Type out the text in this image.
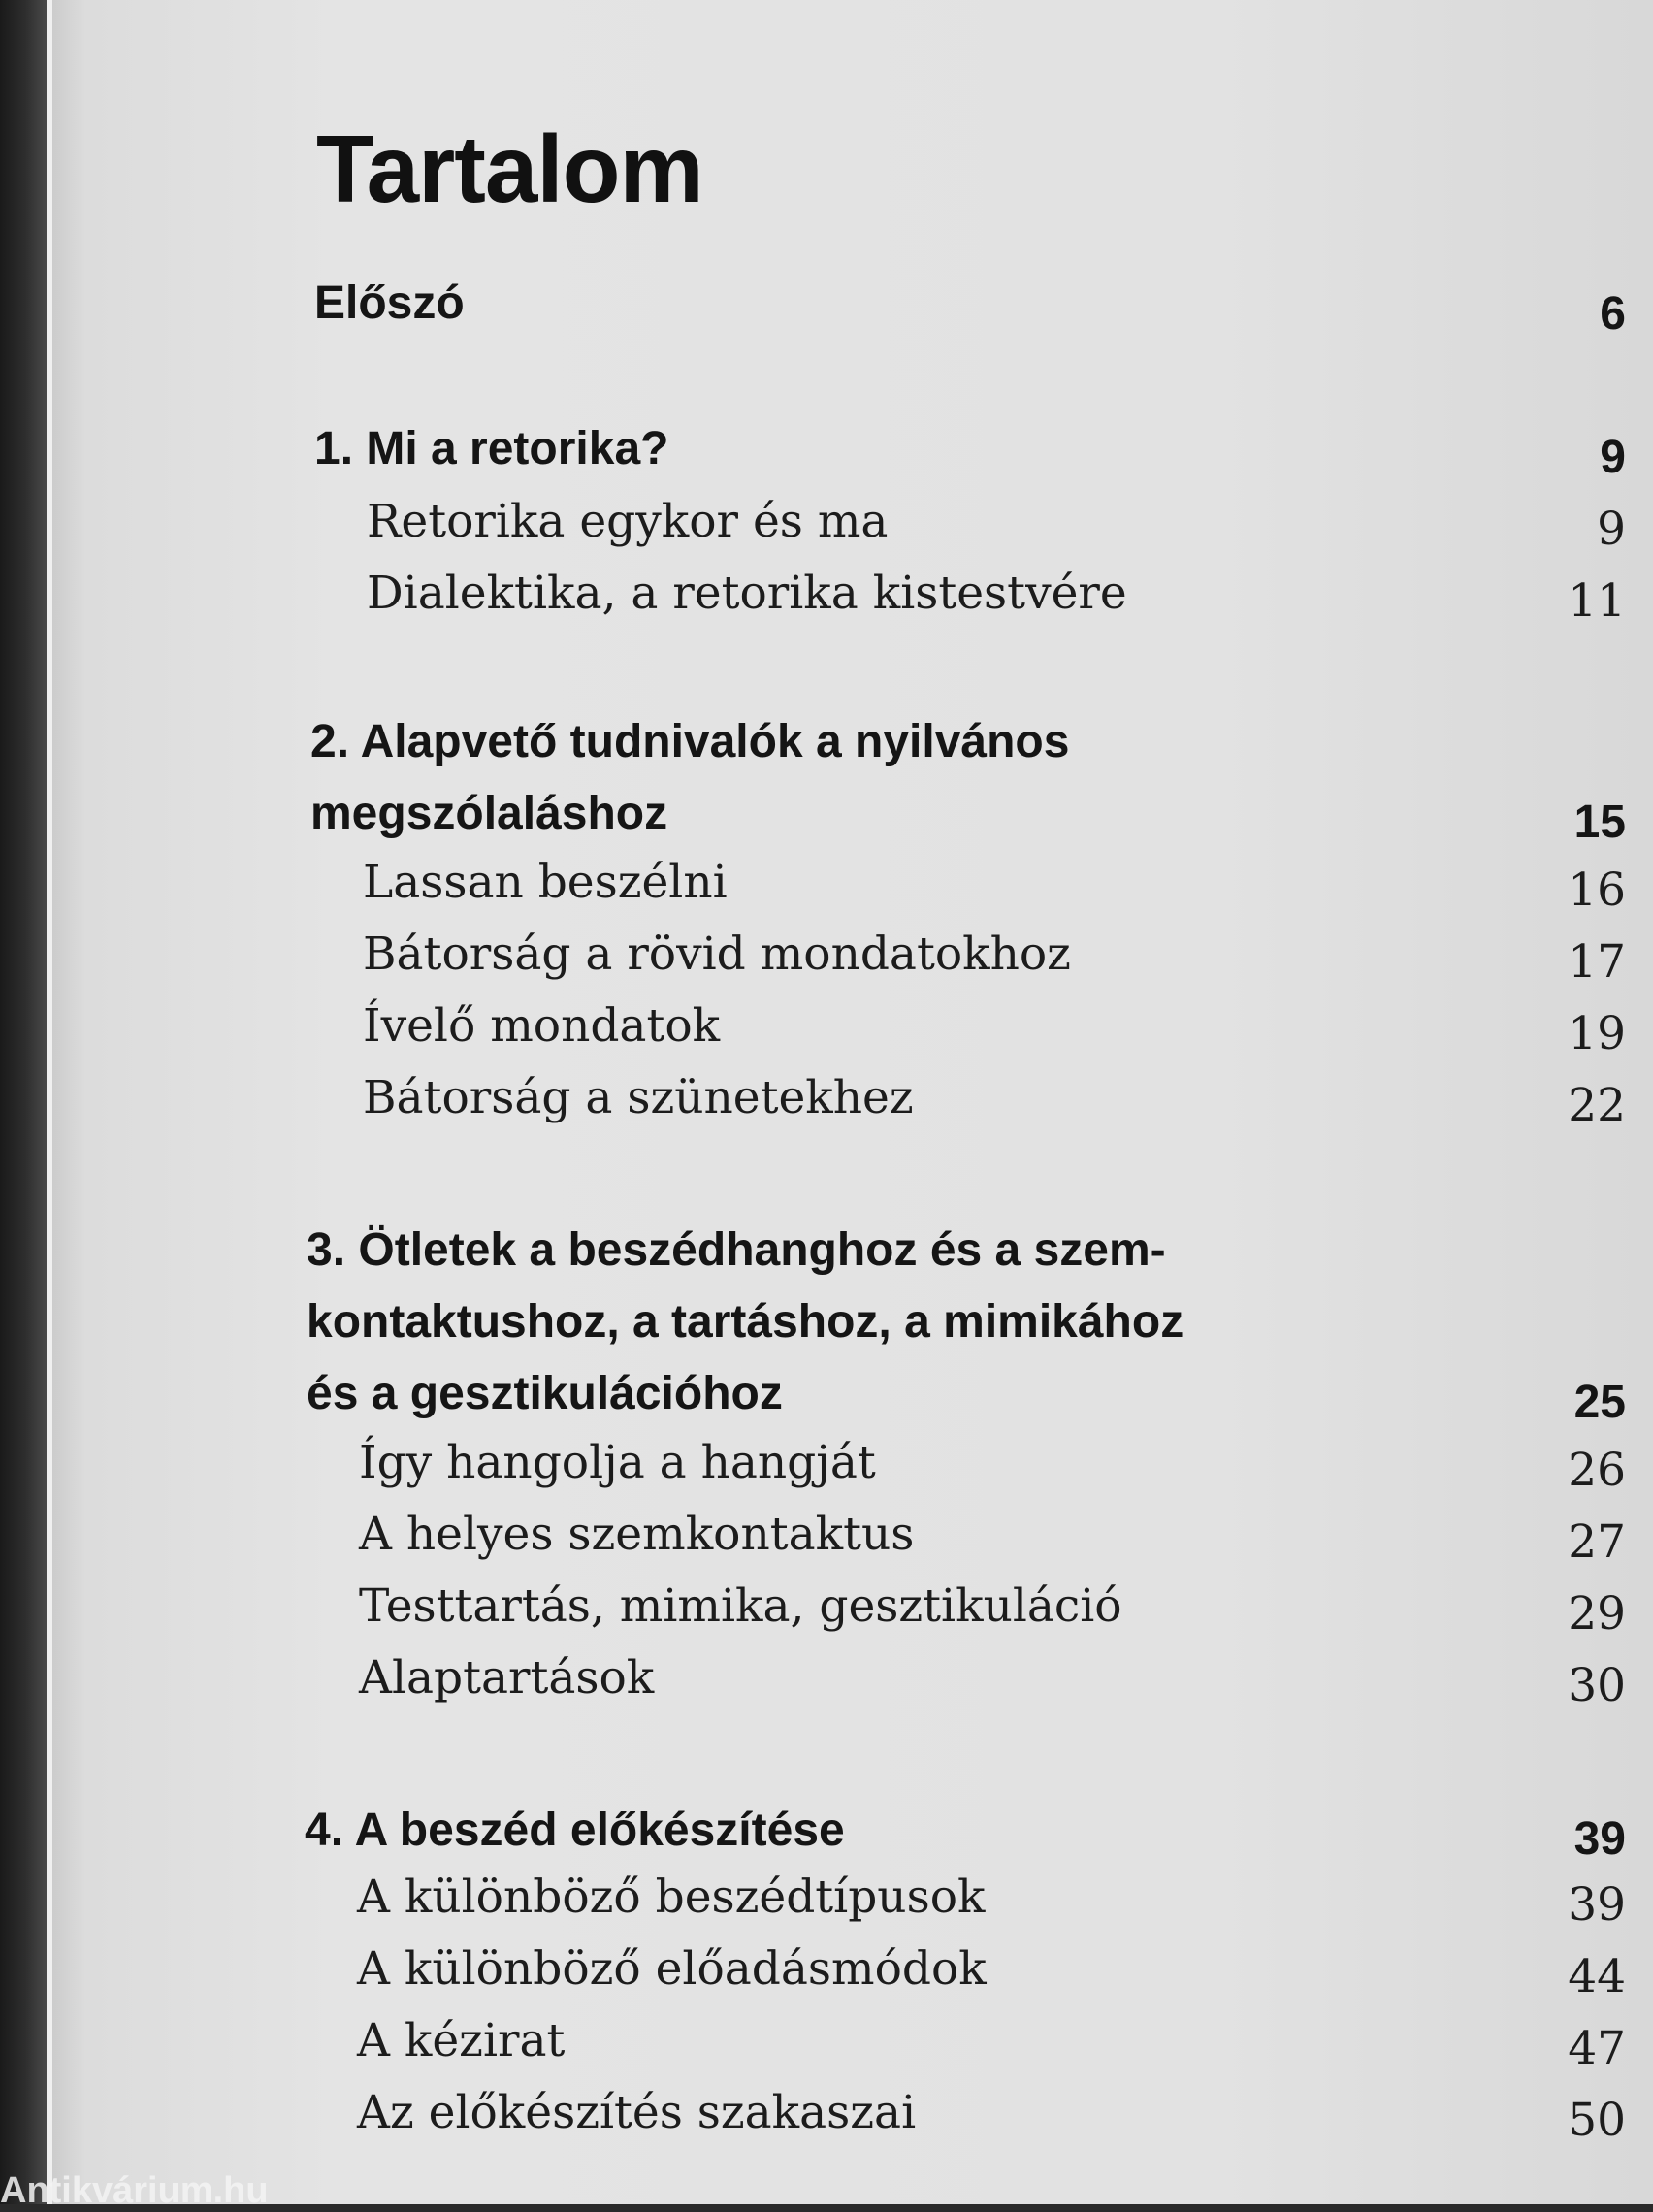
Tartalom
Előszó	6
1. Mi a retorika?	9
Retorika egykor és ma	9
Dialektika, a retorika kistestvére	11
2. Alapvető tudnivalók a nyilvános
megszólaláshoz	15
Lassan beszélni	16
Bátorság a rövid mondatokhoz	17
Ívelő mondatok	19
Bátorság a szünetekhez	22
3. Ötletek a beszédhanghoz és a szem-
kontaktushoz, a tartáshoz, a mimikához
és a gesztikulációhoz	25
Így hangolja a hangját	26
A helyes szemkontaktus	27
Testtartás, mimika, gesztikuláció	29
Alaptartások	30
4. A beszéd előkészítése	39
A különböző beszédtípusok	39
A különböző előadásmódok	44
A kézirat	47
Az előkészítés szakaszai	50
Antikvárium.hu
